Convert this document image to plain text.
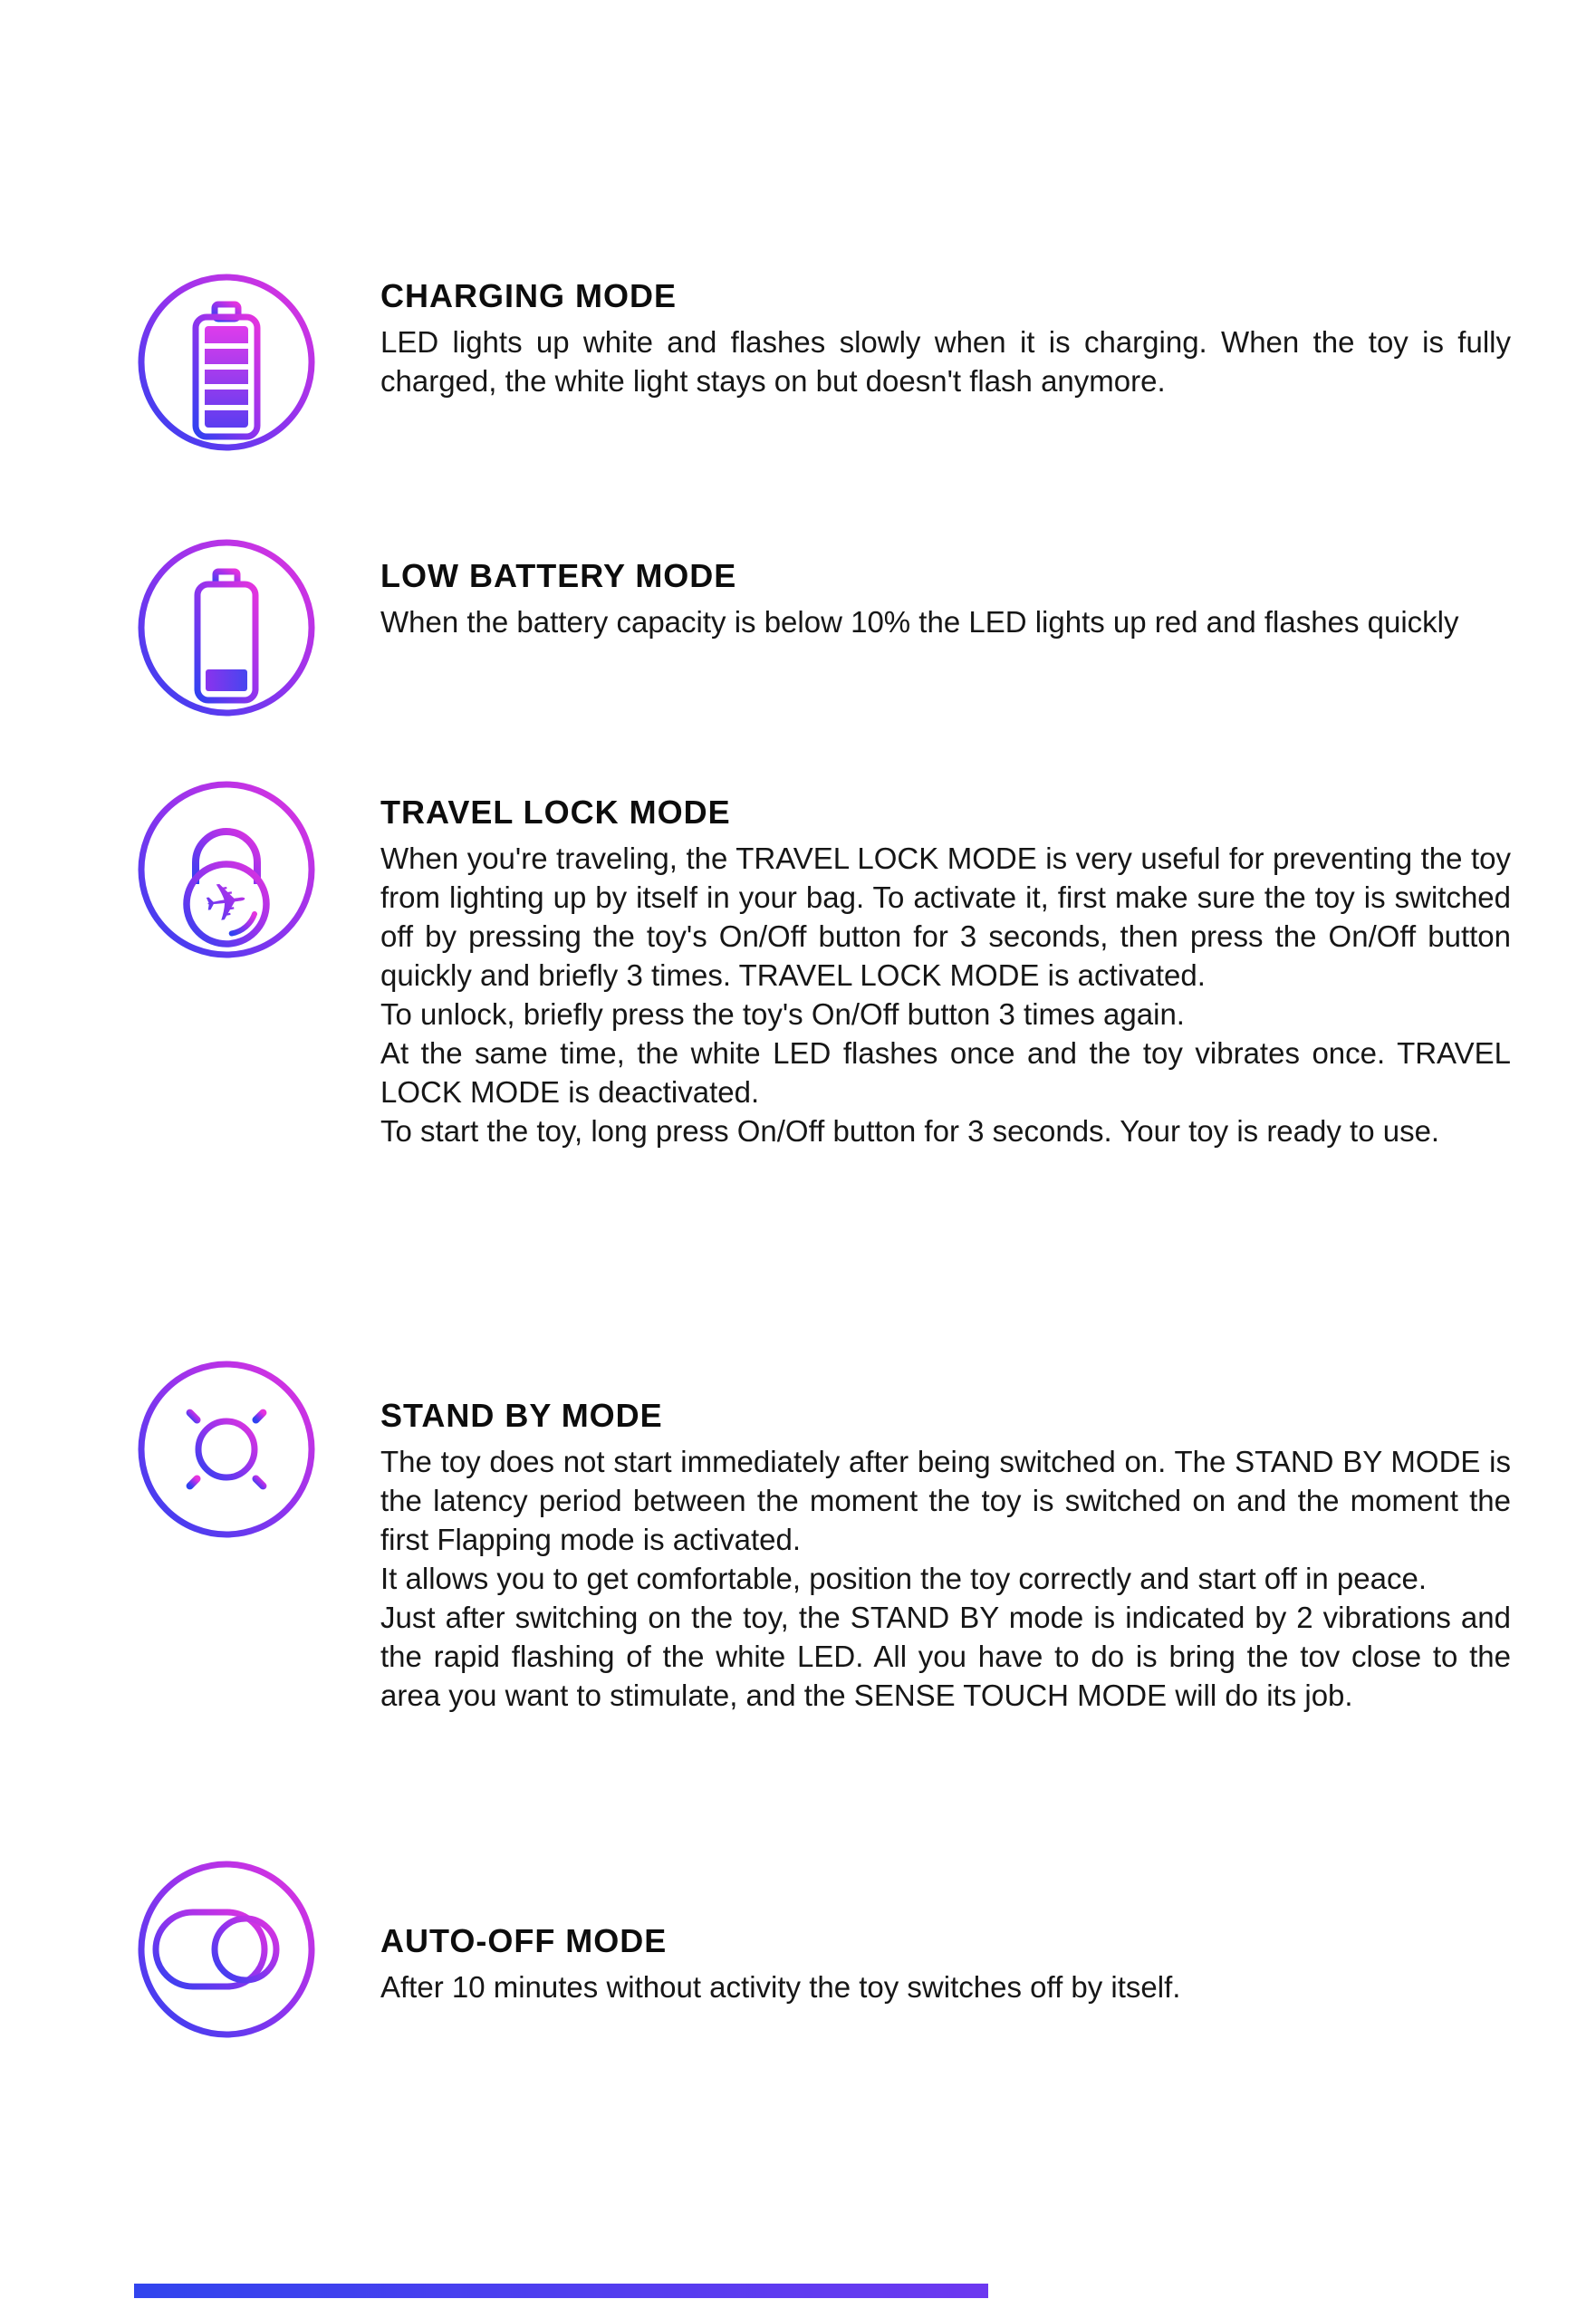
CHARGING MODE

LED lights up white and flashes slowly when it is charging. When the toy is fully charged, the white light stays on but doesn't flash anymore.

LOW BATTERY MODE

When the battery capacity is below 10% the LED lights up red and flashes quickly

✈
TRAVEL LOCK MODE

When you're traveling, the TRAVEL LOCK MODE is very useful for preventing the toy from lighting up by itself in your bag. To activate it, first make sure the toy is switched off by pressing the toy's On/Off button for 3 seconds, then press the On/Off button quickly and briefly 3 times. TRAVEL LOCK MODE is activated.

To unlock, briefly press the toy's On/Off button 3 times again.

At the same time, the white LED flashes once and the toy vibrates once. TRAVEL LOCK MODE is deactivated.

To start the toy, long press On/Off button for 3 seconds. Your toy is ready to use.

STAND BY MODE

The toy does not start immediately after being switched on. The STAND BY MODE is the latency period between the moment the toy is switched on and the moment the first Flapping mode is activated.

It allows you to get comfortable, position the toy correctly and start off in peace.

Just after switching on the toy, the STAND BY mode is indicated by 2 vibrations and the rapid flashing of the white LED. All you have to do is bring the tov close to the area you want to stimulate, and the SENSE TOUCH MODE will do its job.

AUTO-OFF MODE

After 10 minutes without activity the toy switches off by itself.
